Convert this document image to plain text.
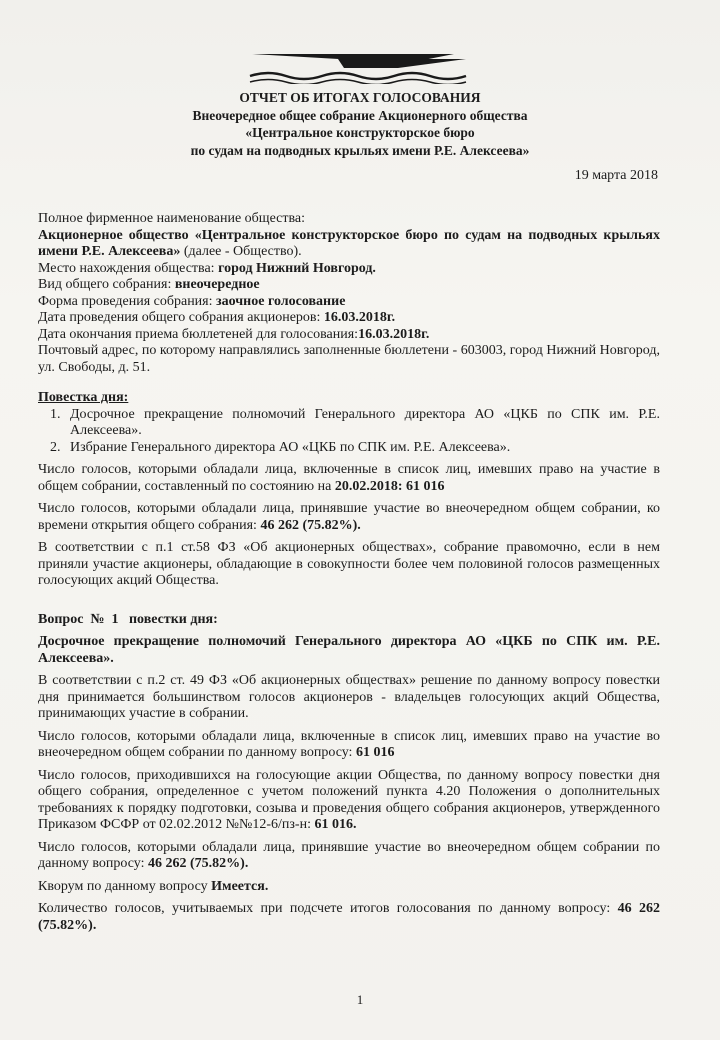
ОТЧЕТ ОБ ИТОГАХ ГОЛОСОВАНИЯ
Внеочередное общее собрание Акционерного общества
«Центральное конструкторское бюро
по судам на подводных крыльях имени Р.Е. Алексеева»
19 марта 2018

Полное фирменное наименование общества:

Акционерное общество «Центральное конструкторское бюро по судам на подводных крыльях имени Р.Е. Алексеева» (далее - Общество).

Место нахождения общества: город Нижний Новгород.

Вид общего собрания: внеочередное

Форма проведения собрания: заочное голосование

Дата проведения общего собрания акционеров: 16.03.2018г.

Дата окончания приема бюллетеней для голосования:16.03.2018г.

Почтовый адрес, по которому направлялись заполненные бюллетени - 603003, город Нижний Новгород, ул. Свободы, д. 51.

Повестка дня:

1. Досрочное прекращение полномочий Генерального директора АО «ЦКБ по СПК им. Р.Е. Алексеева».
2. Избрание Генерального директора АО «ЦКБ по СПК им. Р.Е. Алексеева».

Число голосов, которыми обладали лица, включенные в список лиц, имевших право на участие в общем собрании, составленный по состоянию на 20.02.2018: 61 016

Число голосов, которыми обладали лица, принявшие участие во внеочередном общем собрании, ко времени открытия общего собрания: 46 262 (75.82%).

В соответствии с п.1 ст.58 ФЗ «Об акционерных обществах», собрание правомочно, если в нем приняли участие акционеры, обладающие в совокупности более чем половиной голосов размещенных голосующих акций Общества.

Вопрос  №  1   повестки дня:

Досрочное прекращение полномочий Генерального директора АО «ЦКБ по СПК им. Р.Е. Алексеева».

В соответствии с п.2 ст. 49 ФЗ «Об акционерных обществах» решение по данному вопросу повестки дня принимается большинством голосов акционеров - владельцев голосующих акций Общества, принимающих участие в собрании.

Число голосов, которыми обладали лица, включенные в список лиц, имевших право на участие во внеочередном общем собрании по данному вопросу: 61 016

Число голосов, приходившихся на голосующие акции Общества, по данному вопросу повестки дня общего собрания, определенное с учетом положений пункта 4.20 Положения о дополнительных требованиях к порядку подготовки, созыва и проведения общего собрания акционеров, утвержденного Приказом ФСФР от 02.02.2012 №№12-6/пз-н: 61 016.

Число голосов, которыми обладали лица, принявшие участие во внеочередном общем собрании по данному вопросу: 46 262 (75.82%).

Кворум по данному вопросу Имеется.

Количество голосов, учитываемых при подсчете итогов голосования по данному вопросу: 46 262 (75.82%).

1
